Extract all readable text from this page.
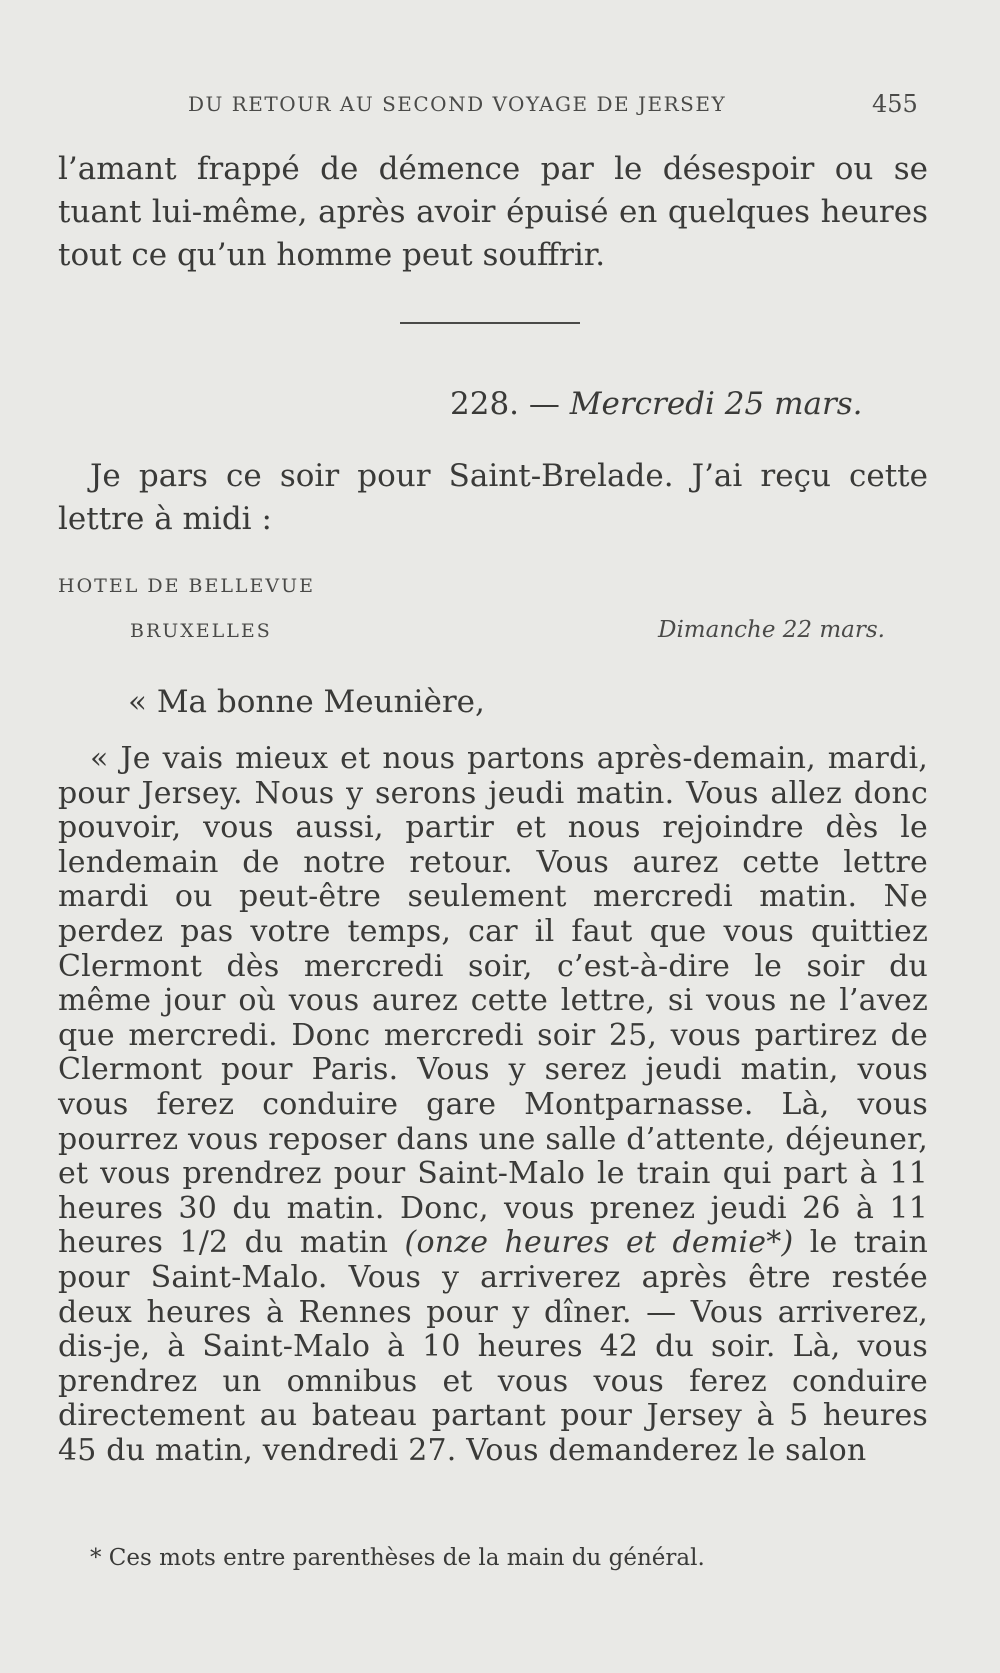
DU RETOUR AU SECOND VOYAGE DE JERSEY	455
l’amant frappé de démence par le désespoir ou se tuant lui-même, après avoir épuisé en quelques heures tout ce qu’un homme peut souffrir.
228. — Mercredi 25 mars.
Je pars ce soir pour Saint-Brelade. J’ai reçu cette lettre à midi :
HOTEL DE BELLEVUE
BRUXELLES	Dimanche 22 mars.
« Ma bonne Meunière,
« Je vais mieux et nous partons après-demain, mardi, pour Jersey. Nous y serons jeudi matin. Vous allez donc pouvoir, vous aussi, partir et nous rejoindre dès le lendemain de notre retour. Vous aurez cette lettre mardi ou peut-être seulement mercredi matin. Ne perdez pas votre temps, car il faut que vous quittiez Clermont dès mercredi soir, c’est-à-dire le soir du même jour où vous aurez cette lettre, si vous ne l’avez que mercredi. Donc mercredi soir 25, vous partirez de Clermont pour Paris. Vous y serez jeudi matin, vous vous ferez conduire gare Montparnasse. Là, vous pourrez vous reposer dans une salle d’attente, déjeuner, et vous prendrez pour Saint-Malo le train qui part à 11 heures 30 du matin. Donc, vous prenez jeudi 26 à 11 heures 1/2 du matin (onze heures et demie*) le train pour Saint-Malo. Vous y arriverez après être restée deux heures à Rennes pour y dîner. — Vous arriverez, dis-je, à Saint-Malo à 10 heures 42 du soir. Là, vous prendrez un omnibus et vous vous ferez conduire directement au bateau partant pour Jersey à 5 heures 45 du matin, vendredi 27. Vous demanderez le salon
* Ces mots entre parenthèses de la main du général.
